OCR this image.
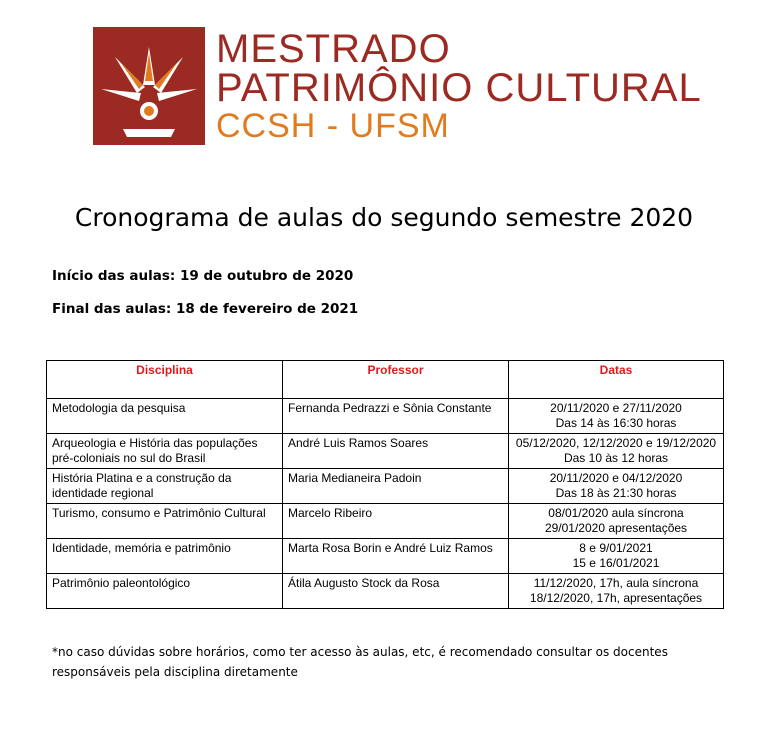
MESTRADO
PATRIMÔNIO CULTURAL
CCSH - UFSM
Cronograma de aulas do segundo semestre 2020
Início das aulas: 19 de outubro de 2020
Final das aulas: 18 de fevereiro de 2021
Disciplina	Professor	Datas
Metodologia da pesquisa	Fernanda Pedrazzi e Sônia Constante	20/11/2020 e 27/11/2020
Das 14 às 16:30 horas

Arqueologia e História das populações pré-coloniais no sul do Brasil	André Luis Ramos Soares	05/12/2020, 12/12/2020 e 19/12/2020
Das 10 às 12 horas

História Platina e a construção da identidade regional	Maria Medianeira Padoin	20/11/2020 e 04/12/2020
Das 18 às 21:30 horas

Turismo, consumo e Patrimônio Cultural	Marcelo Ribeiro	08/01/2020 aula síncrona
29/01/2020 apresentações

Identidade, memória e patrimônio	Marta Rosa Borin e André Luiz Ramos	8 e 9/01/2021
15 e 16/01/2021

Patrimônio paleontológico	Átila Augusto Stock da Rosa	11/12/2020, 17h, aula síncrona
18/12/2020, 17h, apresentações

*no caso dúvidas sobre horários, como ter acesso às aulas, etc, é recomendado consultar os docentes responsáveis pela disciplina diretamente
